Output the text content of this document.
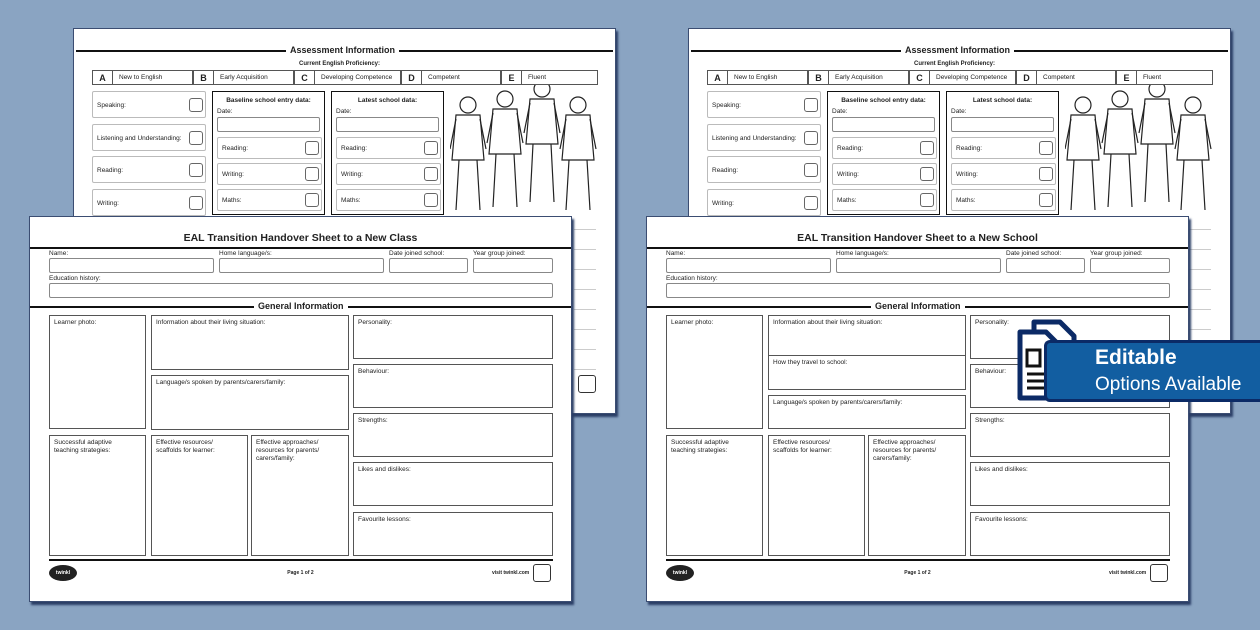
Assessment Information
Current English Proficiency:
A	New to English	B	Early Acquisition	C	Developing Competence	D	Competent	E	Fluent
Speaking:
Listening and Understanding:
Reading:
Writing:
Baseline school entry data:
Date:
Reading:
Writing:
Maths:
Latest school data:
Date:
Reading:
Writing:
Maths:
Assessment Information
Current English Proficiency:
A	New to English	B	Early Acquisition	C	Developing Competence	D	Competent	E	Fluent
Speaking:
Listening and Understanding:
Reading:
Writing:
Baseline school entry data:
Date:
Reading:
Writing:
Maths:
Latest school data:
Date:
Reading:
Writing:
Maths:
EAL Transition Handover Sheet to a New Class
Name:	Home language/s:	Date joined school:	Year group joined:
Education history:
General Information
Learner photo:	Information about their living situation:
Language/s spoken by parents/carers/family:
Personality:
Behaviour:
Strengths:
Likes and dislikes:
Favourite lessons:
Successful adaptive
teaching strategies:
Effective resources/
scaffolds for learner:
Effective approaches/
resources for parents/
carers/family:
twinkl	Page 1 of 2	visit twinkl.com
EAL Transition Handover Sheet to a New School
Name:	Home language/s:	Date joined school:	Year group joined:
Education history:
General Information
Learner photo:	Information about their living situation:
How they travel to school:
Language/s spoken by parents/carers/family:
Personality:
Behaviour:
Strengths:
Likes and dislikes:
Favourite lessons:
Successful adaptive
teaching strategies:
Effective resources/
scaffolds for learner:
Effective approaches/
resources for parents/
carers/family:
twinkl	Page 1 of 2	visit twinkl.com
Editable
Options Available
